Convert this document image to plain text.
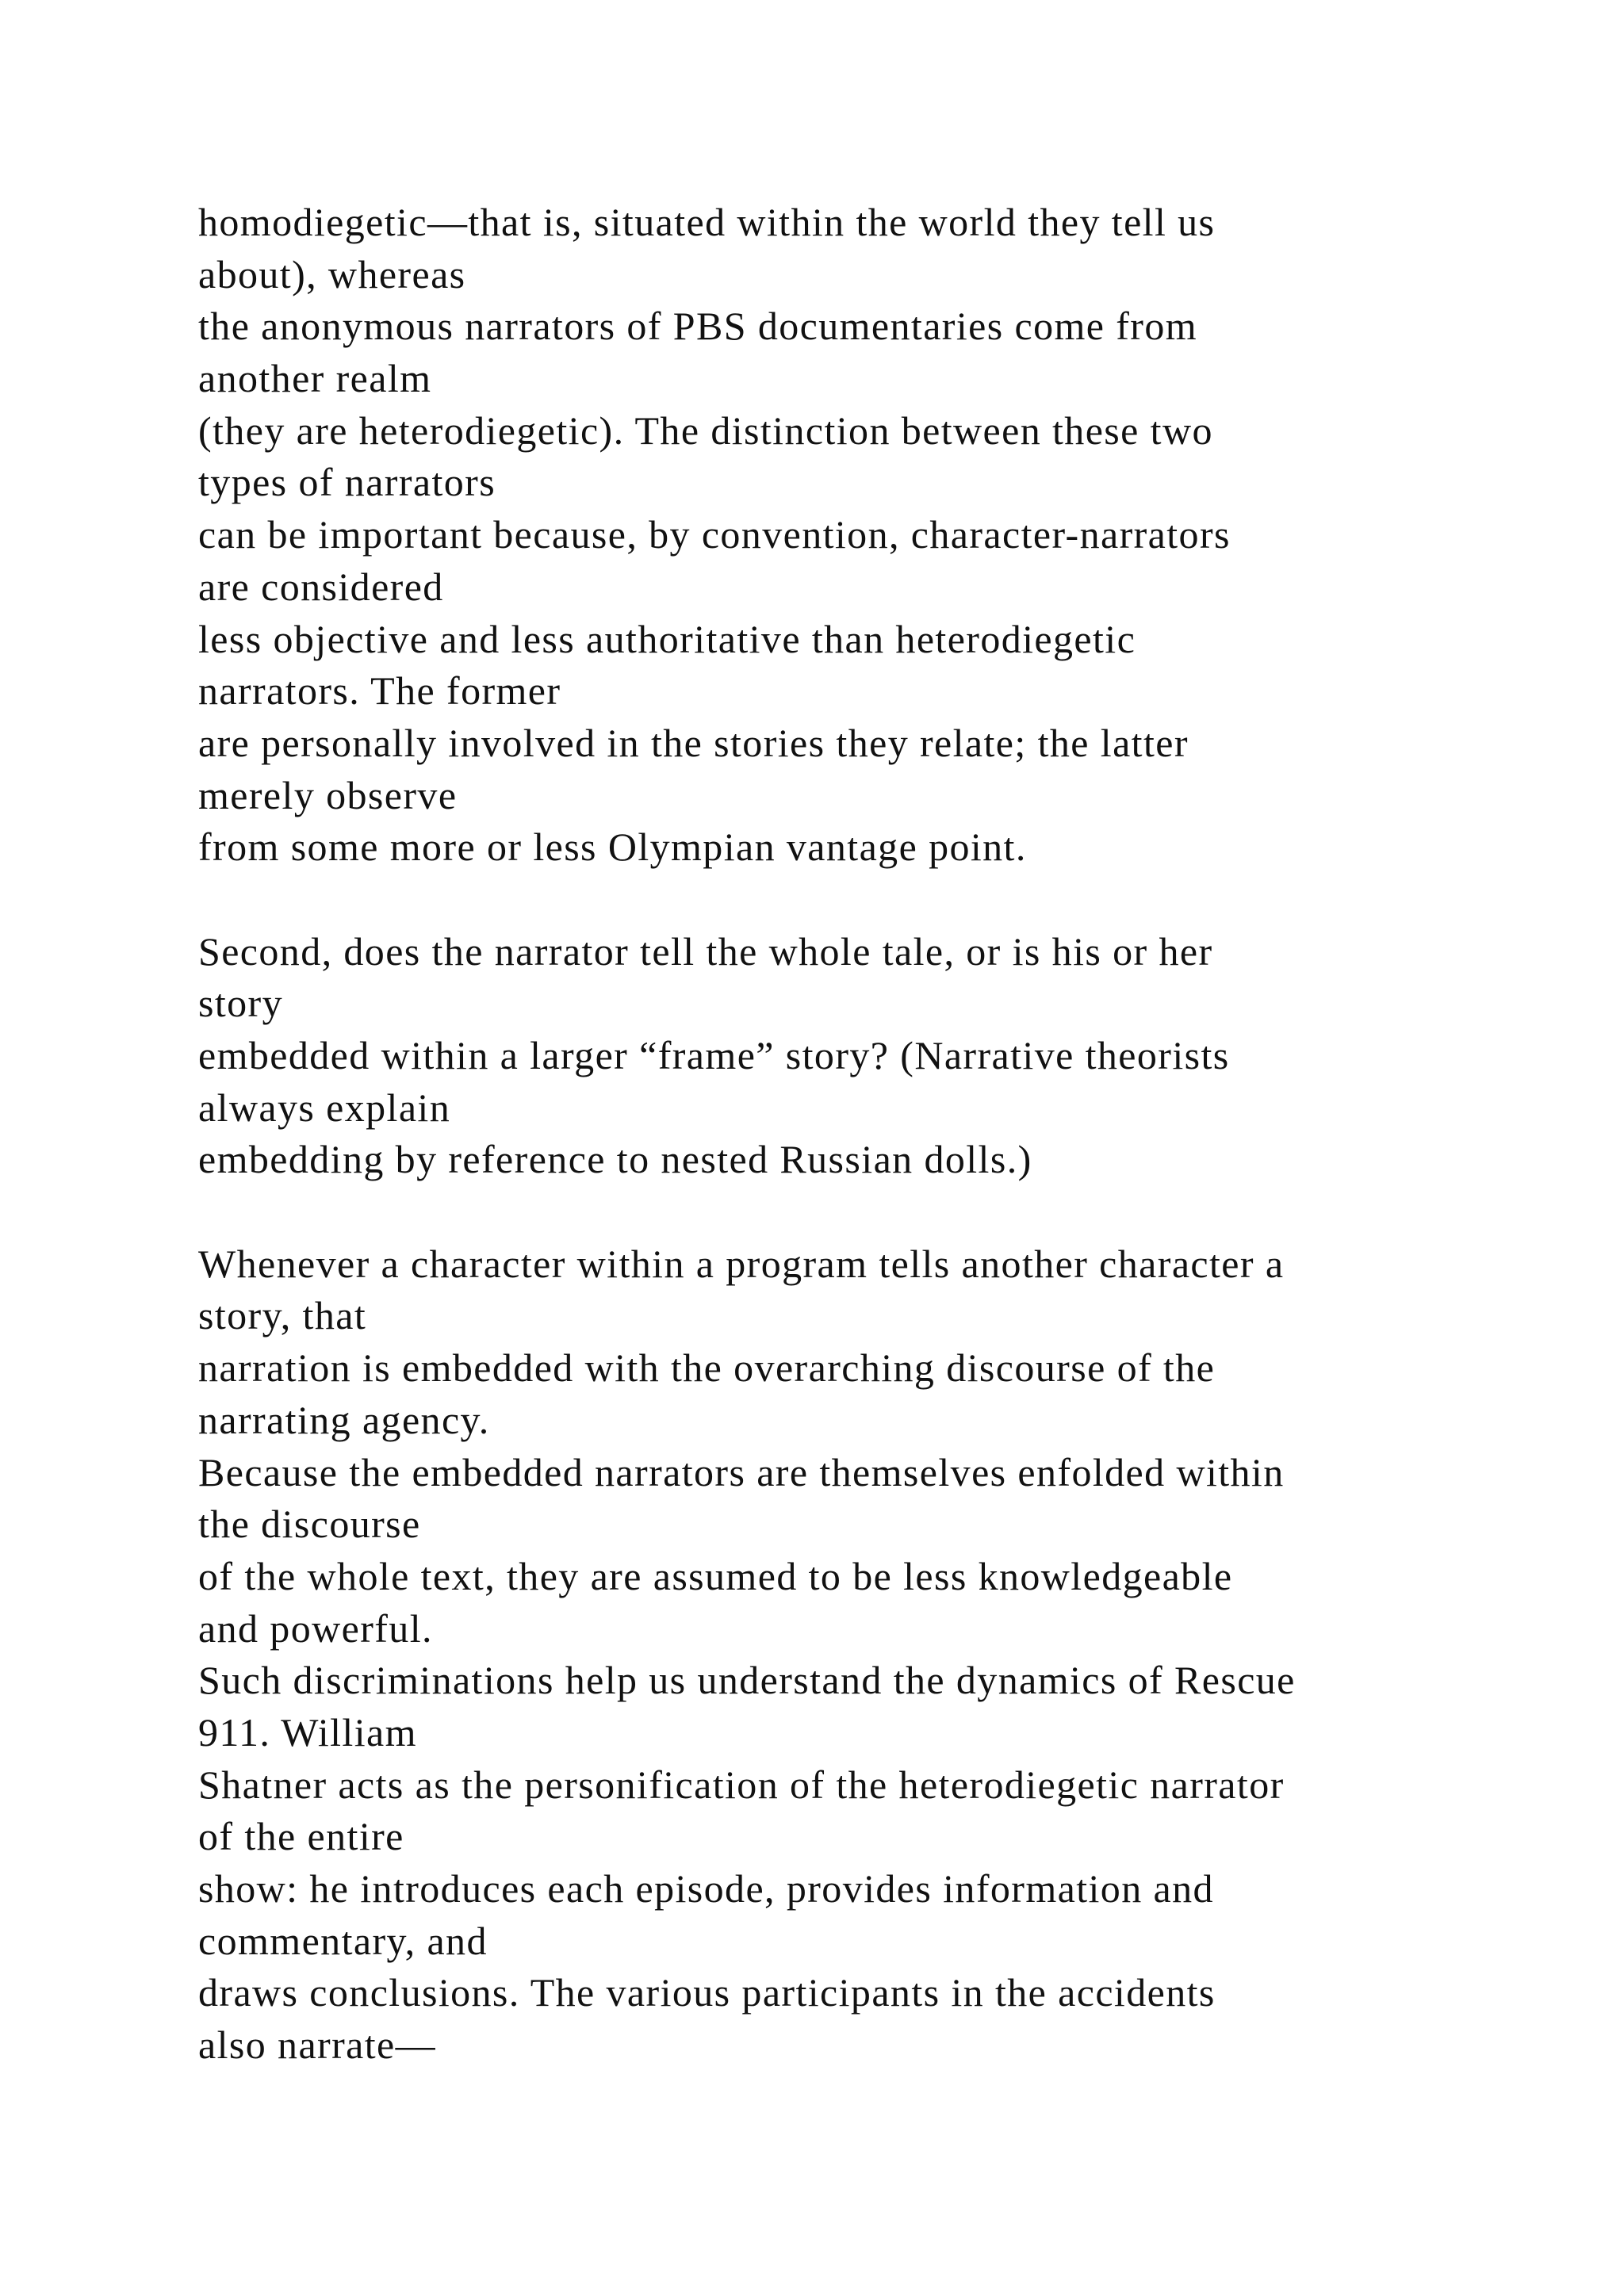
homodiegetic—that is, situated within the world they tell us
about), whereas
the anonymous narrators of PBS documentaries come from
another realm
(they are heterodiegetic). The distinction between these two
types of narrators
can be important because, by convention, character-narrators
are considered
less objective and less authoritative than heterodiegetic
narrators. The former
are personally involved in the stories they relate; the latter
merely observe
from some more or less Olympian vantage point.
Second, does the narrator tell the whole tale, or is his or her
story
embedded within a larger “frame” story? (Narrative theorists
always explain
embedding by reference to nested Russian dolls.)
Whenever a character within a program tells another character a
story, that
narration is embedded with the overarching discourse of the
narrating agency.
Because the embedded narrators are themselves enfolded within
the discourse
of the whole text, they are assumed to be less knowledgeable
and powerful.
Such discriminations help us understand the dynamics of Rescue
911. William
Shatner acts as the personification of the heterodiegetic narrator
of the entire
show: he introduces each episode, provides information and
commentary, and
draws conclusions. The various participants in the accidents
also narrate—
